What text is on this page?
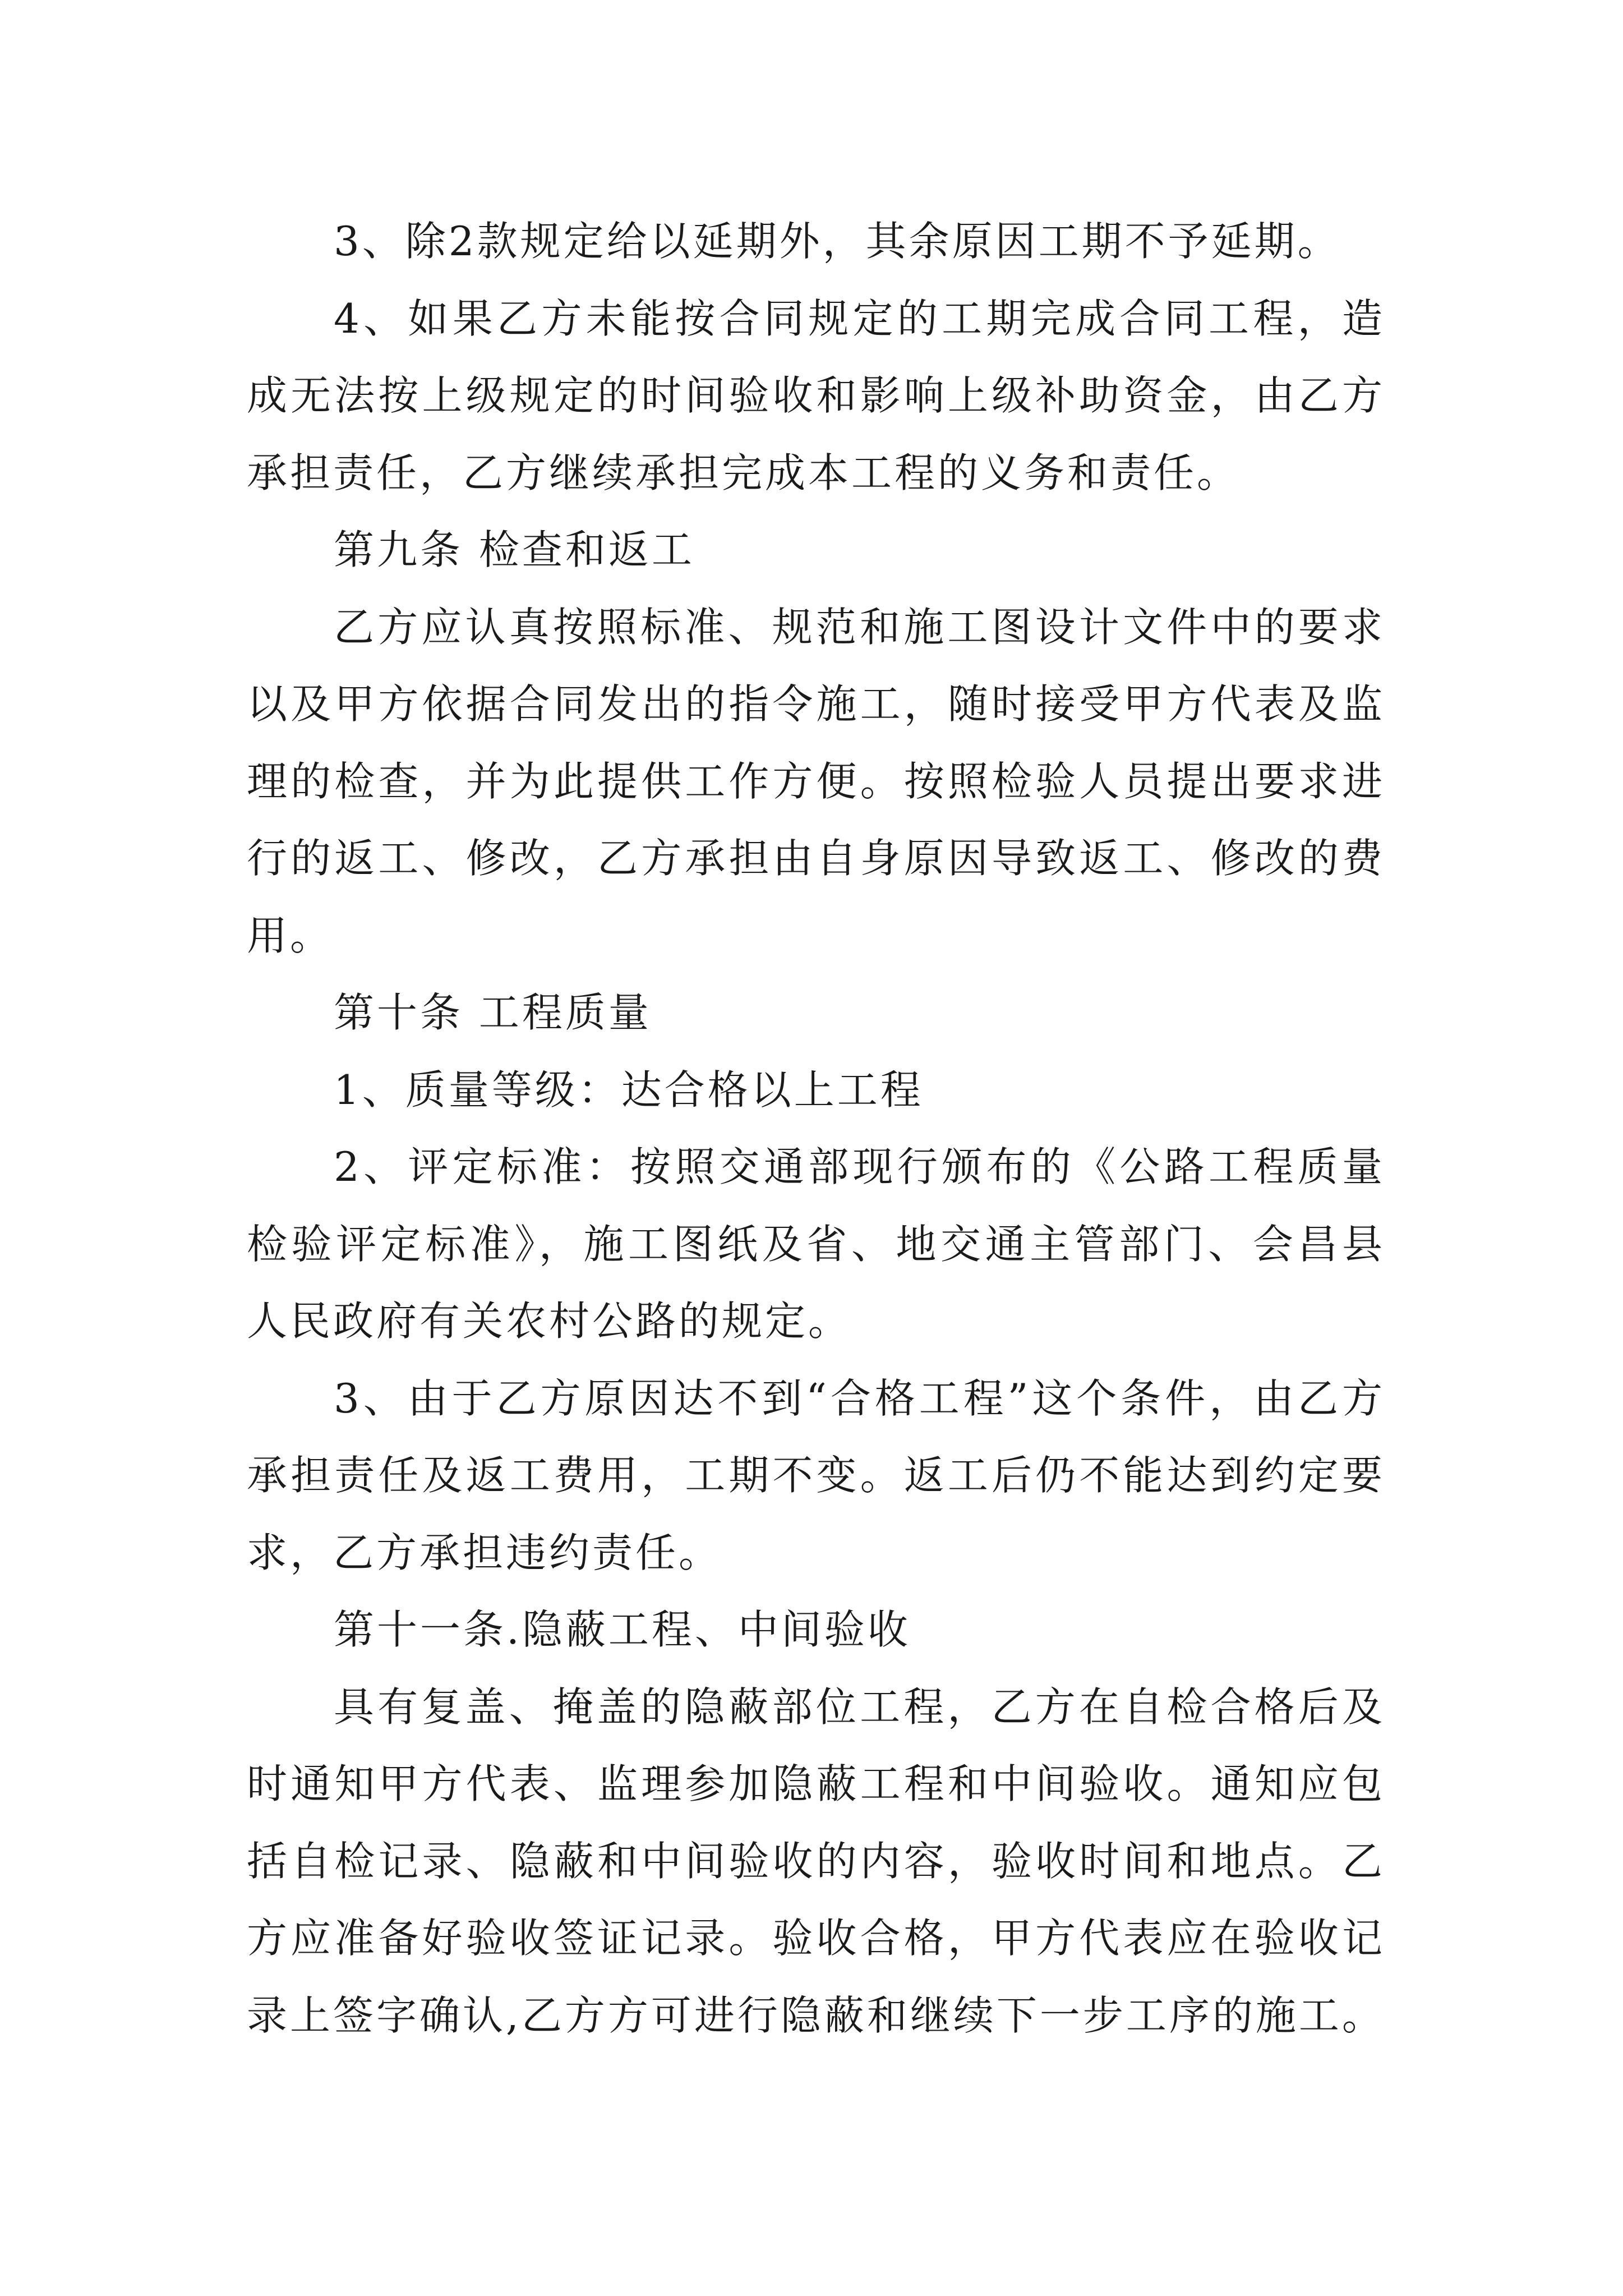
3、除2款规定给以延期外，其余原因工期不予延期。

4、如果乙方未能按合同规定的工期完成合同工程，造成无法按上级规定的时间验收和影响上级补助资金，由乙方承担责任，乙方继续承担完成本工程的义务和责任。

第九条 检查和返工

乙方应认真按照标准、规范和施工图设计文件中的要求以及甲方依据合同发出的指令施工，随时接受甲方代表及监理的检查，并为此提供工作方便。按照检验人员提出要求进行的返工、修改，乙方承担由自身原因导致返工、修改的费用。

第十条 工程质量

1、质量等级：达合格以上工程

2、评定标准：按照交通部现行颁布的《公路工程质量检验评定标准》，施工图纸及省、地交通主管部门、会昌县人民政府有关农村公路的规定。

3、由于乙方原因达不到“合格工程”这个条件，由乙方承担责任及返工费用，工期不变。返工后仍不能达到约定要求，乙方承担违约责任。

第十一条.隐蔽工程、中间验收

具有复盖、掩盖的隐蔽部位工程，乙方在自检合格后及时通知甲方代表、监理参加隐蔽工程和中间验收。通知应包括自检记录、隐蔽和中间验收的内容，验收时间和地点。乙方应准备好验收签证记录。验收合格，甲方代表应在验收记录上签字确认,乙方方可进行隐蔽和继续下一步工序的施工。
